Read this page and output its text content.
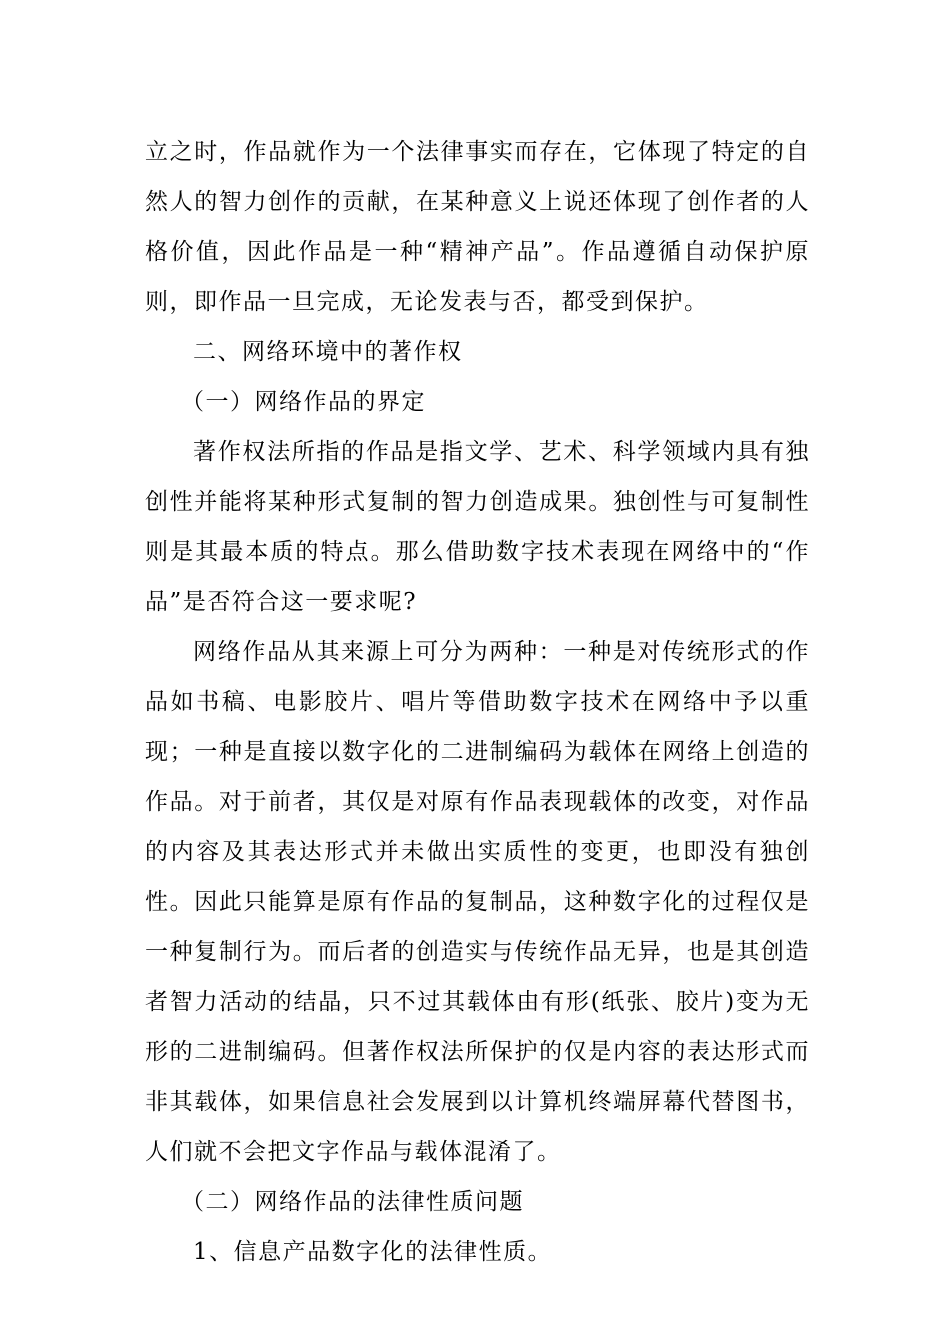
立之时，作品就作为一个法律事实而存在，它体现了特定的自然人的智力创作的贡献，在某种意义上说还体现了创作者的人格价值，因此作品是一种“精神产品”。作品遵循自动保护原则，即作品一旦完成，无论发表与否，都受到保护。

二、网络环境中的著作权

（一）网络作品的界定

著作权法所指的作品是指文学、艺术、科学领域内具有独创性并能将某种形式复制的智力创造成果。独创性与可复制性则是其最本质的特点。那么借助数字技术表现在网络中的“作品”是否符合这一要求呢?

网络作品从其来源上可分为两种：一种是对传统形式的作品如书稿、电影胶片、唱片等借助数字技术在网络中予以重现；一种是直接以数字化的二进制编码为载体在网络上创造的作品。对于前者，其仅是对原有作品表现载体的改变，对作品的内容及其表达形式并未做出实质性的变更，也即没有独创性。因此只能算是原有作品的复制品，这种数字化的过程仅是一种复制行为。而后者的创造实与传统作品无异，也是其创造者智力活动的结晶，只不过其载体由有形(纸张、胶片)变为无形的二进制编码。但著作权法所保护的仅是内容的表达形式而非其载体，如果信息社会发展到以计算机终端屏幕代替图书，人们就不会把文字作品与载体混淆了。

（二）网络作品的法律性质问题

1、信息产品数字化的法律性质。
